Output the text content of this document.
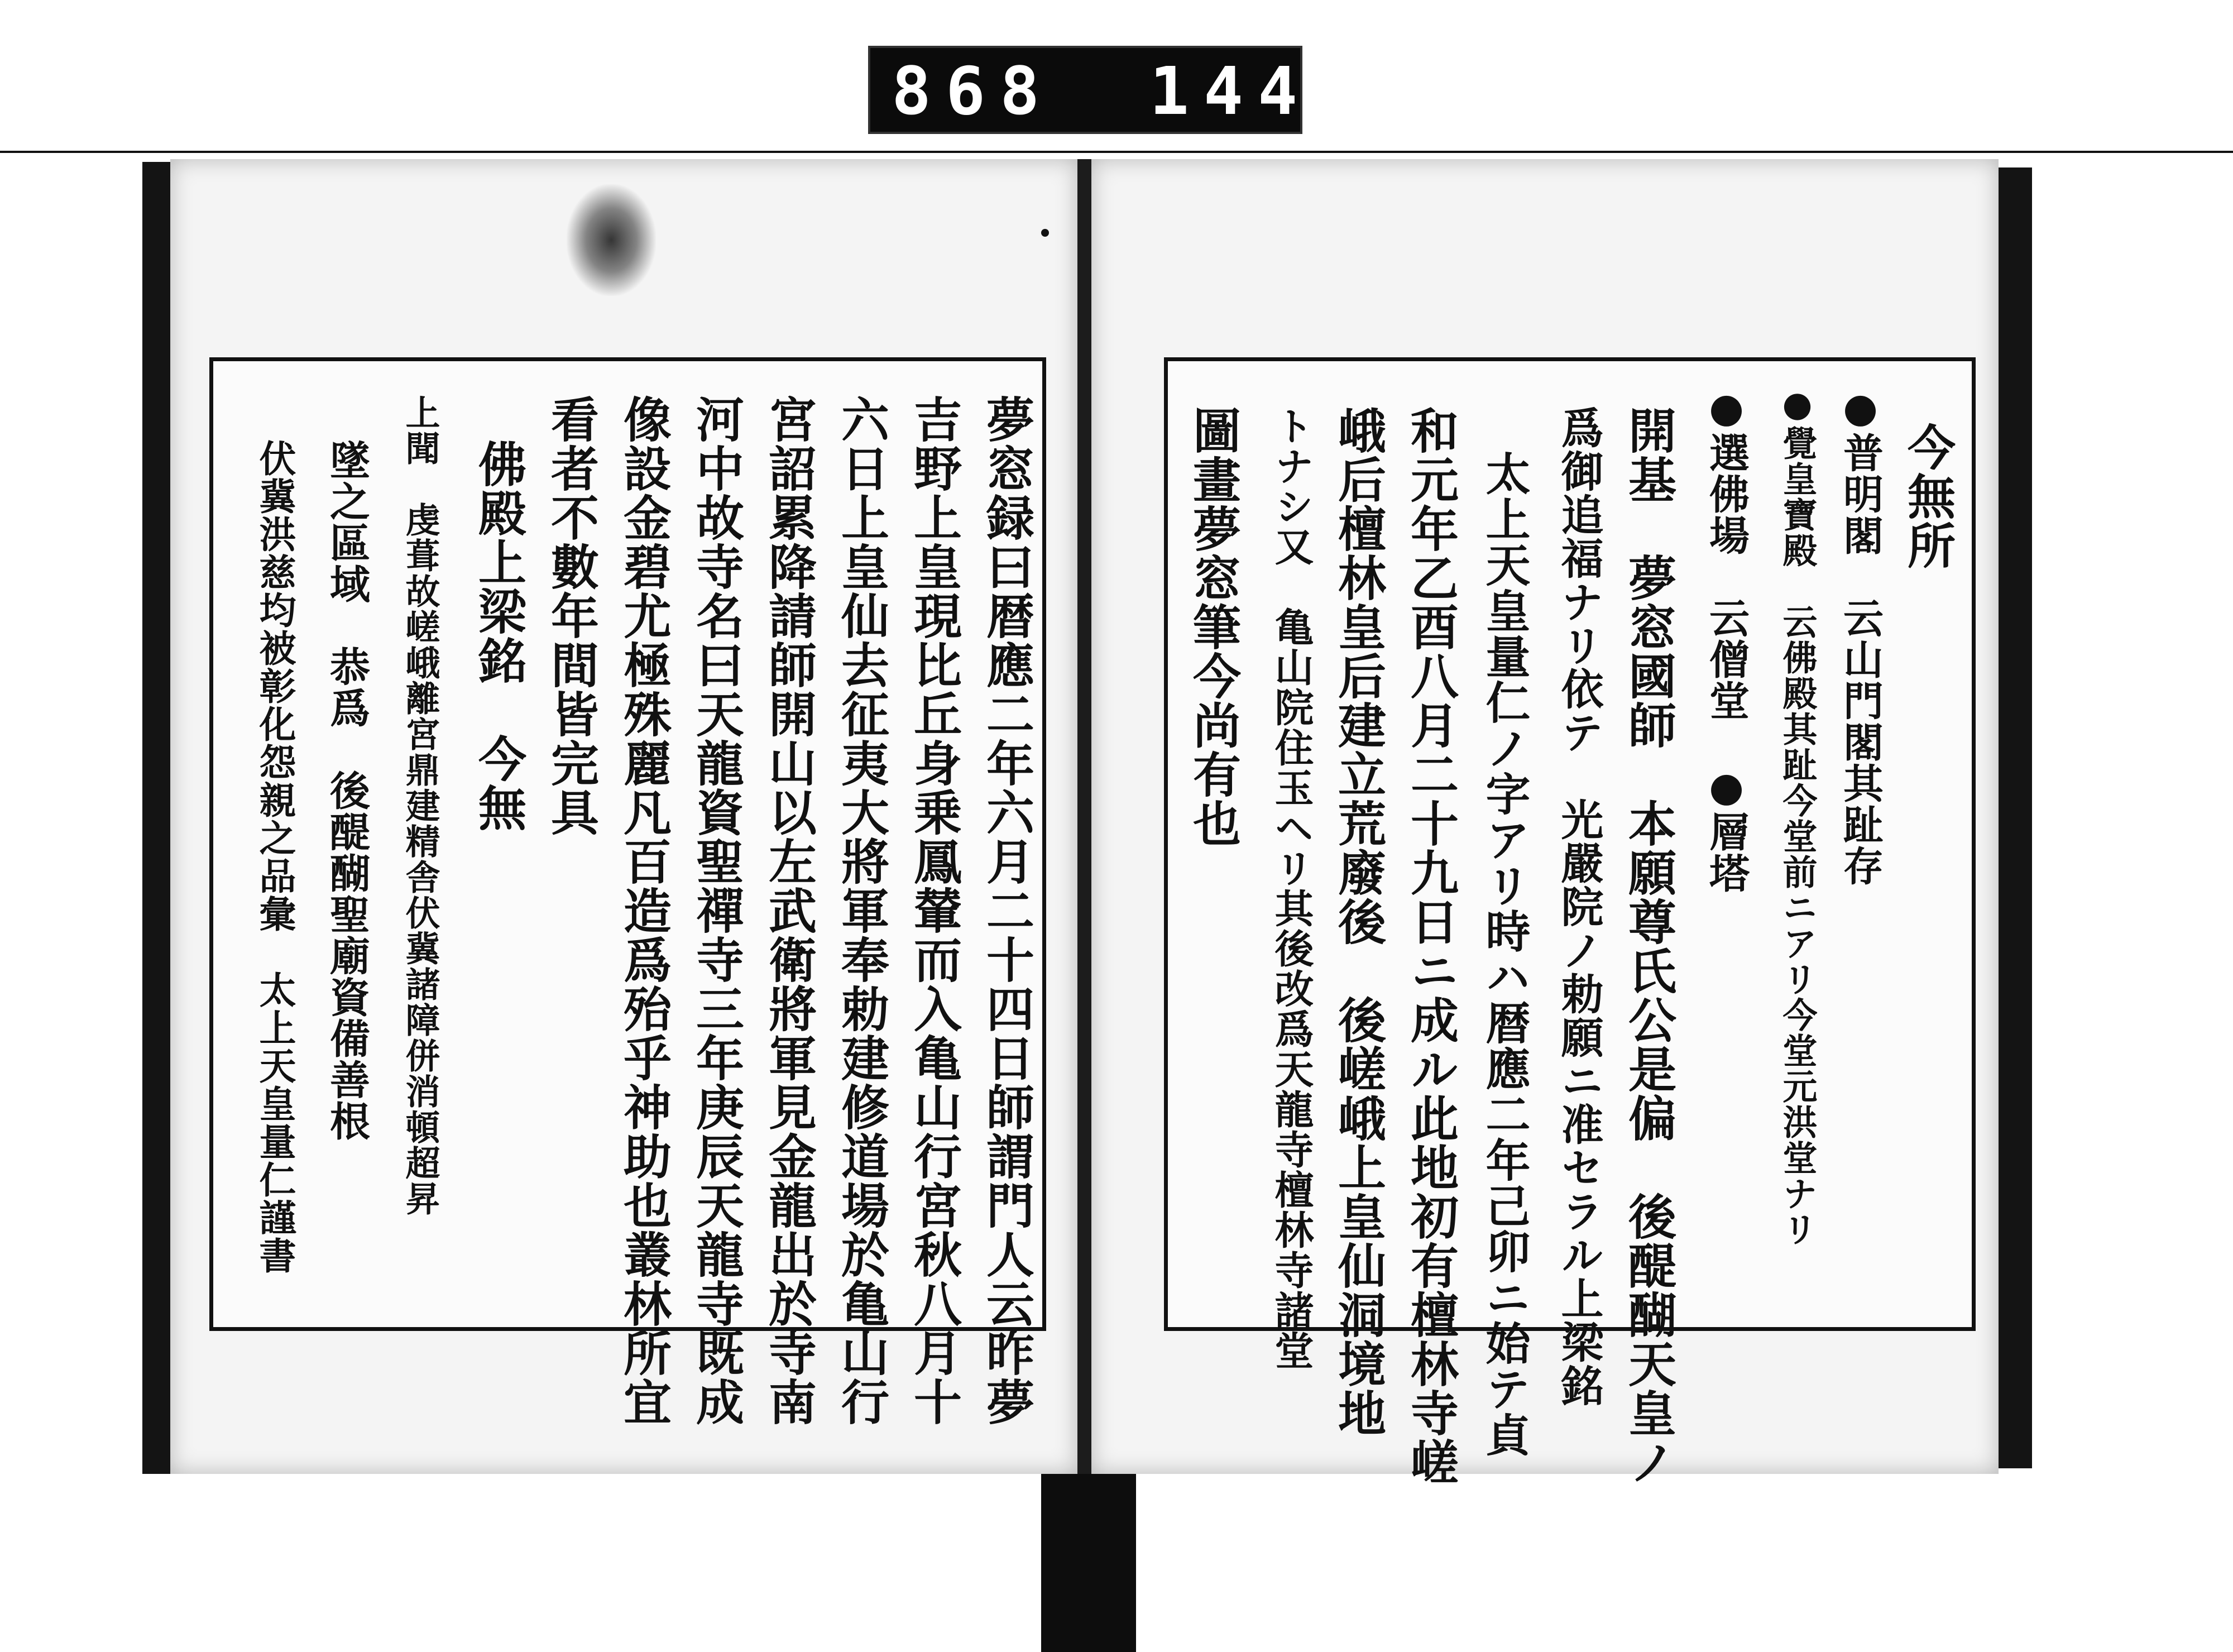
868 144.
夢窓録曰暦應二年六月二十四日師謂門人云昨夢
吉野上皇現比丘身乗鳳輦而入亀山行宮秋八月十
六日上皇仙去征夷大將軍奉勅建修道場於亀山行
宮詔累降請師開山以左武衛將軍見金龍出於寺南
河中故寺名曰天龍資聖禪寺三年庚辰天龍寺既成
像設金碧尤極殊麗凡百造爲殆乎神助也叢林所宜
看者不數年間皆完具
佛殿上梁銘　今無
上聞　虔葺故嵯峨離宮鼎建精舎伏冀諸障併消頓超昇
墜之區域　恭爲　後醍醐聖廟資備善根
伏冀洪慈均被彰化怨親之品彙　太上天皇量仁謹書	今無所
●普明閣　云山門閣其趾存
●覺皇寶殿　云佛殿其趾今堂前ニアリ今堂元洪堂ナリ
●選佛場　云僧堂　●層塔
開基　夢窓國師　本願尊氏公是偏　後醍醐天皇ノ
爲御追福ナリ依テ　光嚴院ノ勅願ニ准セラル上梁銘
太上天皇量仁ノ字アリ時ハ暦應二年己卯ニ始テ貞
和元年乙酉八月二十九日ニ成ル此地初有檀林寺嵯
峨后檀林皇后建立荒廢後　後嵯峨上皇仙洞境地
トナシ又　亀山院住玉ヘリ其後改爲天龍寺檀林寺諸堂
圖畫夢窓筆今尚有也
